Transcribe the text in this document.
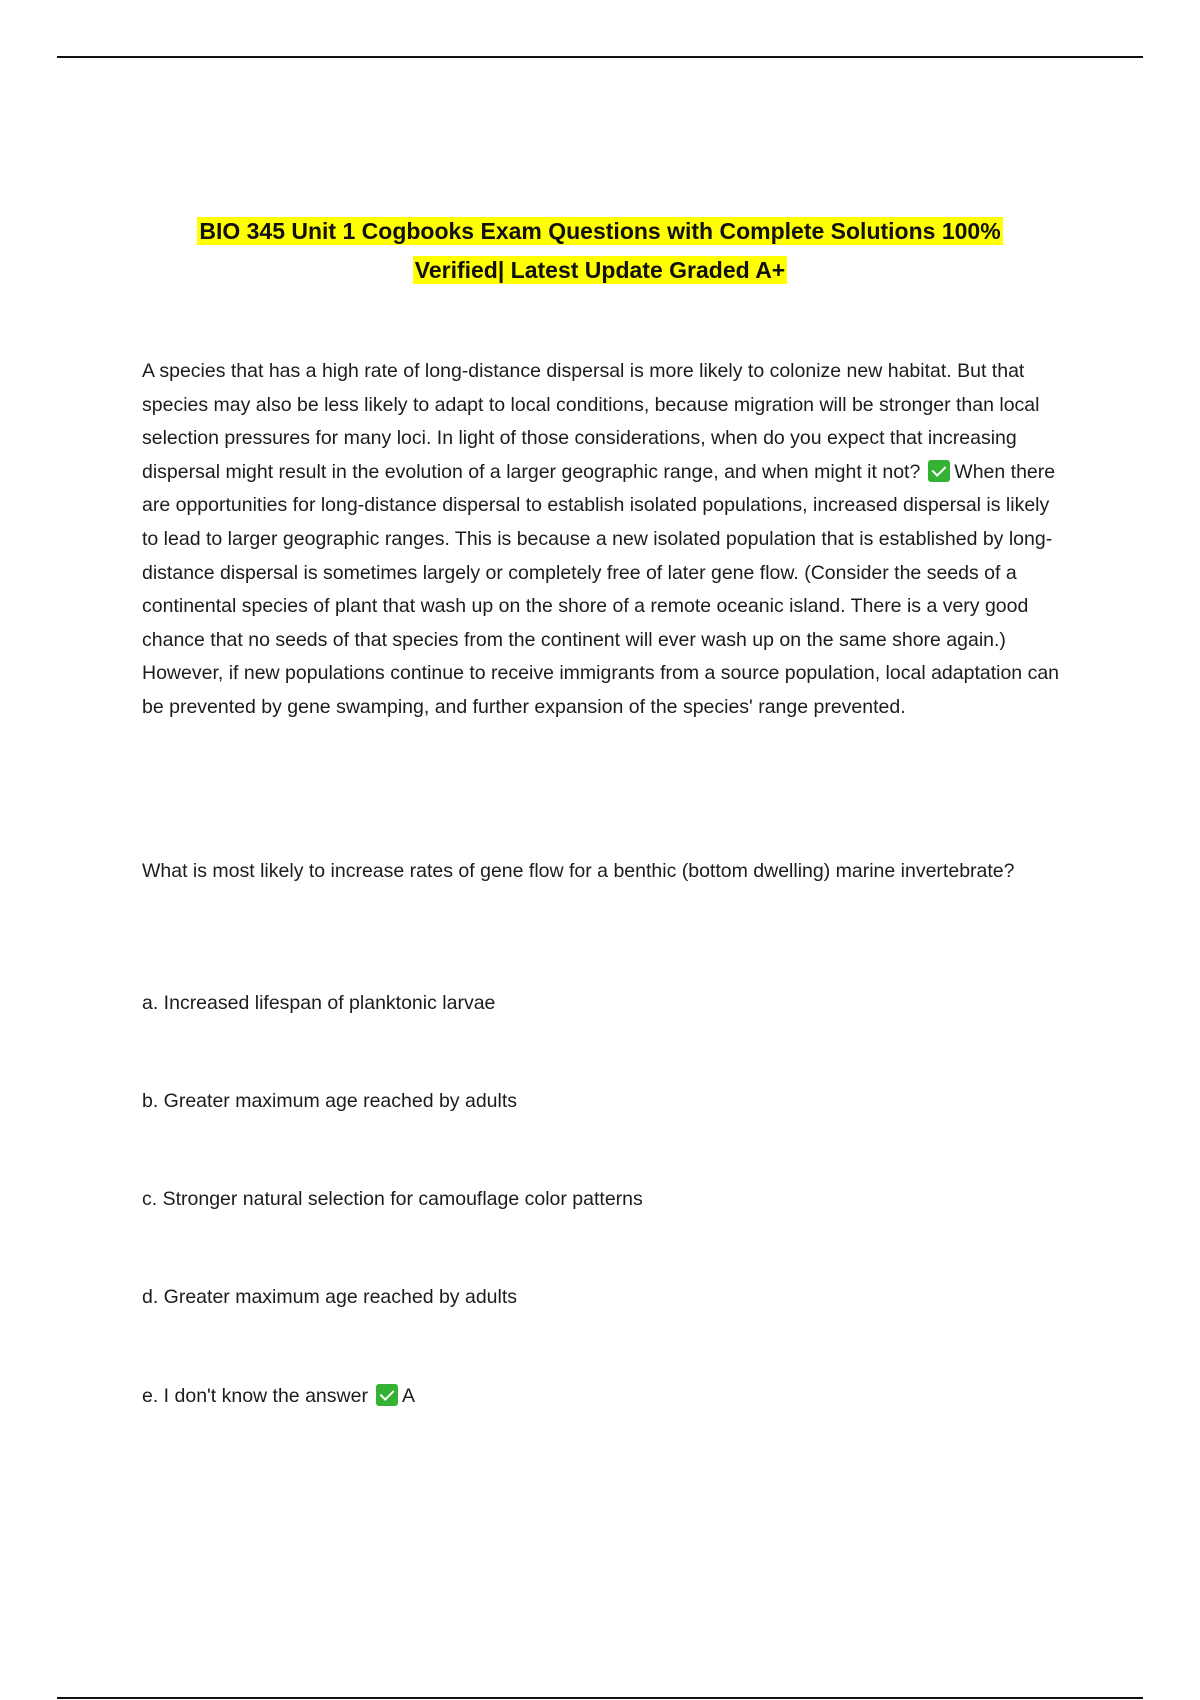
BIO 345 Unit 1 Cogbooks Exam Questions with Complete Solutions 100%
Verified| Latest Update Graded A+
A species that has a high rate of long-distance dispersal is more likely to colonize new habitat. But that species may also be less likely to adapt to local conditions, because migration will be stronger than local selection pressures for many loci. In light of those considerations, when do you expect that increasing dispersal might result in the evolution of a larger geographic range, and when might it not? When there are opportunities for long-distance dispersal to establish isolated populations, increased dispersal is likely to lead to larger geographic ranges. This is because a new isolated population that is established by long-distance dispersal is sometimes largely or completely free of later gene flow. (Consider the seeds of a continental species of plant that wash up on the shore of a remote oceanic island. There is a very good chance that no seeds of that species from the continent will ever wash up on the same shore again.) However, if new populations continue to receive immigrants from a source population, local adaptation can be prevented by gene swamping, and further expansion of the species' range prevented.
What is most likely to increase rates of gene flow for a benthic (bottom dwelling) marine invertebrate?
a. Increased lifespan of planktonic larvae
b. Greater maximum age reached by adults
c. Stronger natural selection for camouflage color patterns
d. Greater maximum age reached by adults
e. I don't know the answer A
